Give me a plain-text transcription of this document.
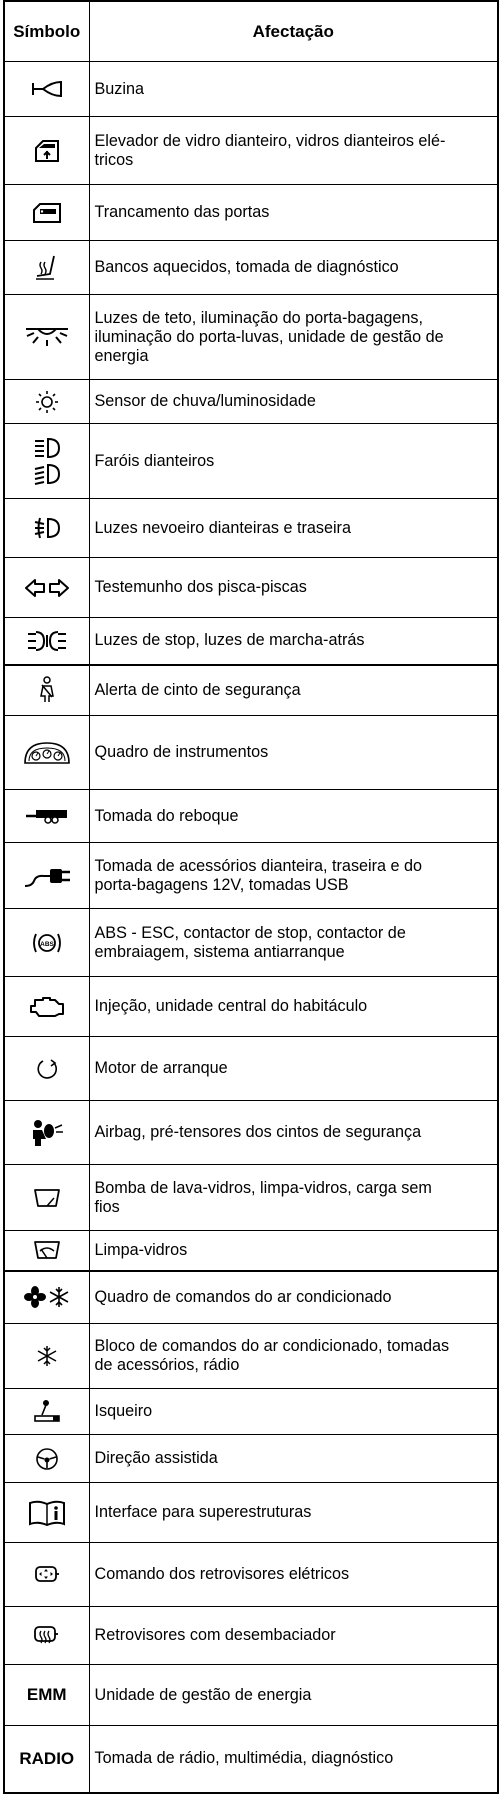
Símbolo	Afectação

	Buzina

	Elevador de vidro dianteiro, vidros dianteiros elé-
tricos

	Trancamento das portas

	Bancos aquecidos, tomada de diagnóstico

	Luzes de teto, iluminação do porta-bagagens,
iluminação do porta-luvas, unidade de gestão de
energia

	Sensor de chuva/luminosidade

	Faróis dianteiros

	Luzes nevoeiro dianteiras e traseira

	Testemunho dos pisca-piscas

	Luzes de stop, luzes de marcha-atrás

	Alerta de cinto de segurança

	Quadro de instrumentos

	Tomada do reboque

	Tomada de acessórios dianteira, traseira e do
porta-bagagens 12V, tomadas USB

ABS	ABS - ESC, contactor de stop, contactor de
embraiagem, sistema antiarranque

	Injeção, unidade central do habitáculo

	Motor de arranque

	Airbag, pré-tensores dos cintos de segurança

	Bomba de lava-vidros, limpa-vidros, carga sem
fios

	Limpa-vidros

	Quadro de comandos do ar condicionado

	Bloco de comandos do ar condicionado, tomadas
de acessórios, rádio

	Isqueiro

	Direção assistida

	Interface para superestruturas

	Comando dos retrovisores elétricos

	Retrovisores com desembaciador
EMM	Unidade de gestão de energia
RADIO	Tomada de rádio, multimédia, diagnóstico
